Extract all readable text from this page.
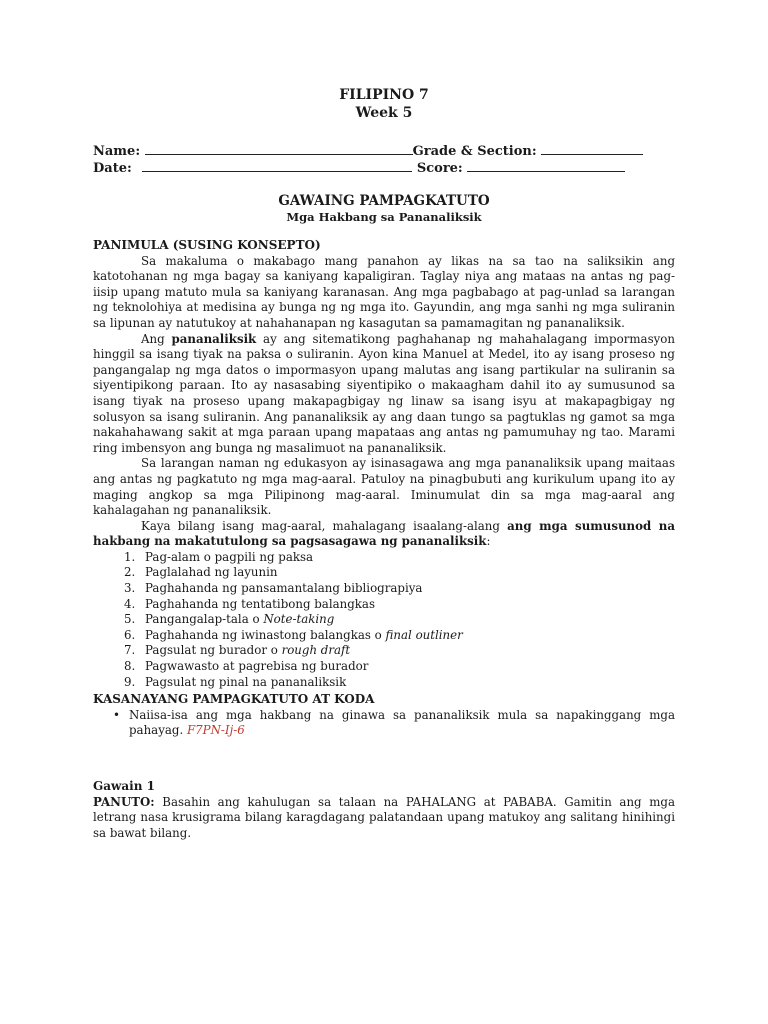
FILIPINO 7
Week 5
Name:	Grade & Section:
Date:	Score:
GAWAING PAMPAGKATUTO
Mga Hakbang sa Pananaliksik
PANIMULA (SUSING KONSEPTO)

Sa makaluma o makabago mang panahon ay likas na sa tao na saliksikin ang katotohanan ng mga bagay sa kaniyang kapaligiran. Taglay niya ang mataas na antas ng pag-iisip upang matuto mula sa kaniyang karanasan. Ang mga pagbabago at pag-unlad sa larangan ng teknolohiya at medisina ay bunga ng ng mga ito. Gayundin, ang mga sanhi ng mga suliranin sa lipunan ay natutukoy at nahahanapan ng kasagutan sa pamamagitan ng pananaliksik.

Ang pananaliksik ay ang sitematikong paghahanap ng mahahalagang impormasyon hinggil sa isang tiyak na paksa o suliranin. Ayon kina Manuel at Medel, ito ay isang proseso ng pangangalap ng mga datos o impormasyon upang malutas ang isang partikular na suliranin sa siyentipikong paraan. Ito ay nasasabing siyentipiko o makaagham dahil ito ay sumusunod sa isang tiyak na proseso upang makapagbigay ng linaw sa isang isyu at makapagbigay ng solusyon sa isang suliranin. Ang pananaliksik ay ang daan tungo sa pagtuklas ng gamot sa mga nakahahawang sakit at mga paraan upang mapataas ang antas ng pamumuhay ng tao. Marami ring imbensyon ang bunga ng masalimuot na pananaliksik.

Sa larangan naman ng edukasyon ay isinasagawa ang mga pananaliksik upang maitaas ang antas ng pagkatuto ng mga mag-aaral. Patuloy na pinagbubuti ang kurikulum upang ito ay maging angkop sa mga Pilipinong mag-aaral. Iminumulat din sa mga mag-aaral ang kahalagahan ng pananaliksik.

Kaya bilang isang mag-aaral, mahalagang isaalang-alang ang mga sumusunod na hakbang na makatutulong sa pagsasagawa ng pananaliksik:

1. Pag-alam o pagpili ng paksa
2. Paglalahad ng layunin
3. Paghahanda ng pansamantalang bibliograpiya
4. Paghahanda ng tentatibong balangkas
5. Pangangalap-tala o Note-taking
6. Paghahanda ng iwinastong balangkas o final outliner
7. Pagsulat ng burador o rough draft
8. Pagwawasto at pagrebisa ng burador
9. Pagsulat ng pinal na pananaliksik
KASANAYANG PAMPAGKATUTO AT KODA
• Naiisa-isa ang mga hakbang na ginawa sa pananaliksik mula sa napakinggang mga pahayag. F7PN-Ij-6
Gawain 1

PANUTO: Basahin ang kahulugan sa talaan na PAHALANG at PABABA. Gamitin ang mga letrang nasa krusigrama bilang karagdagang palatandaan upang matukoy ang salitang hinihingi sa bawat bilang.
